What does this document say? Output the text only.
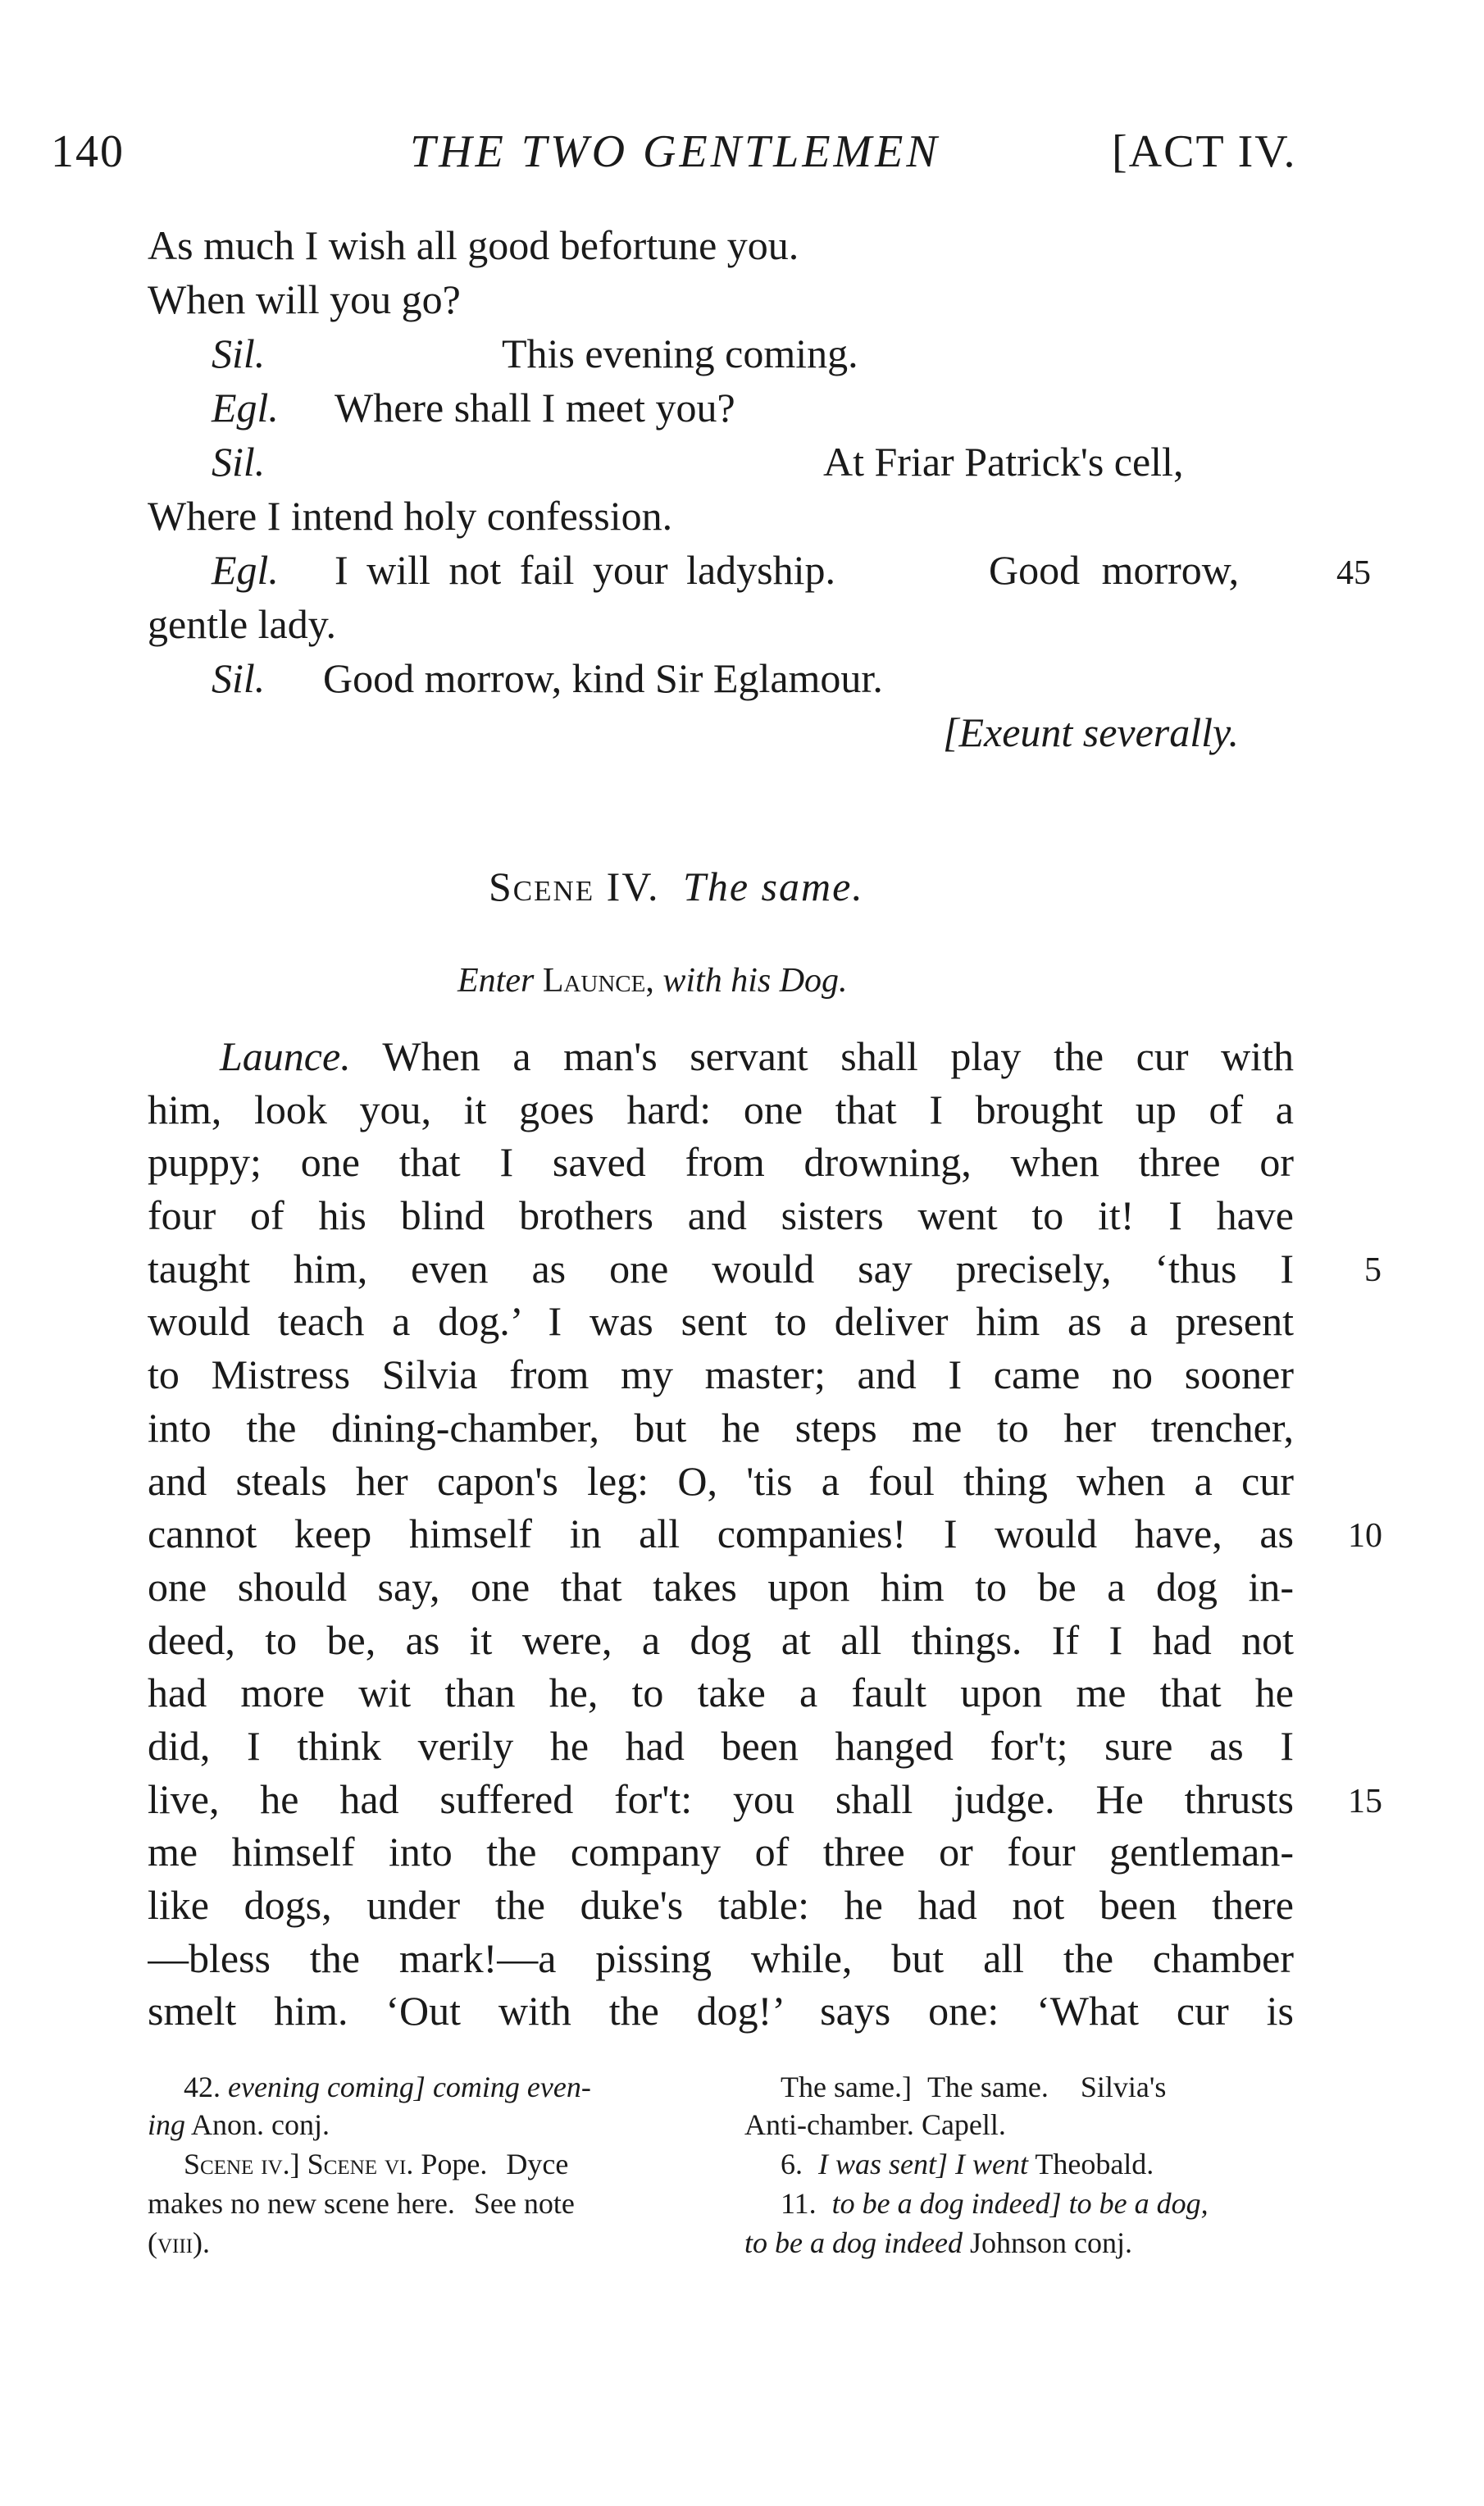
140	THE TWO GENTLEMEN	[ACT IV.
As much I wish all good befortune you.
When will you go?
Sil.	This evening coming.
Egl. Where shall I meet you?
Sil.	At Friar Patrick's cell,
Where I intend holy confession.
Egl. I will not fail your ladyship.	Good morrow,	45
gentle lady.
Sil. Good morrow, kind Sir Eglamour.
[Exeunt severally.
Scene IV. The same.
Enter Launce, with his Dog.
Launce. When a man's servant shall play the cur with
him, look you, it goes hard: one that I brought up of a
puppy; one that I saved from drowning, when three or
four of his blind brothers and sisters went to it! I have
taught him, even as one would say precisely, ‘thus I
would teach a dog.’ I was sent to deliver him as a present
to Mistress Silvia from my master; and I came no sooner
into the dining-chamber, but he steps me to her trencher,
and steals her capon's leg: O, 'tis a foul thing when a cur
cannot keep himself in all companies! I would have, as
one should say, one that takes upon him to be a dog in-
deed, to be, as it were, a dog at all things. If I had not
had more wit than he, to take a fault upon me that he
did, I think verily he had been hanged for't; sure as I
live, he had suffered for't: you shall judge. He thrusts
me himself into the company of three or four gentleman-
like dogs, under the duke's table: he had not been there
—bless the mark!—a pissing while, but all the chamber
smelt him. ‘Out with the dog!’ says one: ‘What cur is
5
10
15
42. evening coming] coming even-
ing Anon. conj.
Scene iv.] Scene vi. Pope. Dyce
makes no new scene here. See note
(viii).
The same.] The same. Silvia's
Anti-chamber. Capell.
6. I was sent] I went Theobald.
11. to be a dog indeed] to be a dog,
to be a dog indeed Johnson conj.
